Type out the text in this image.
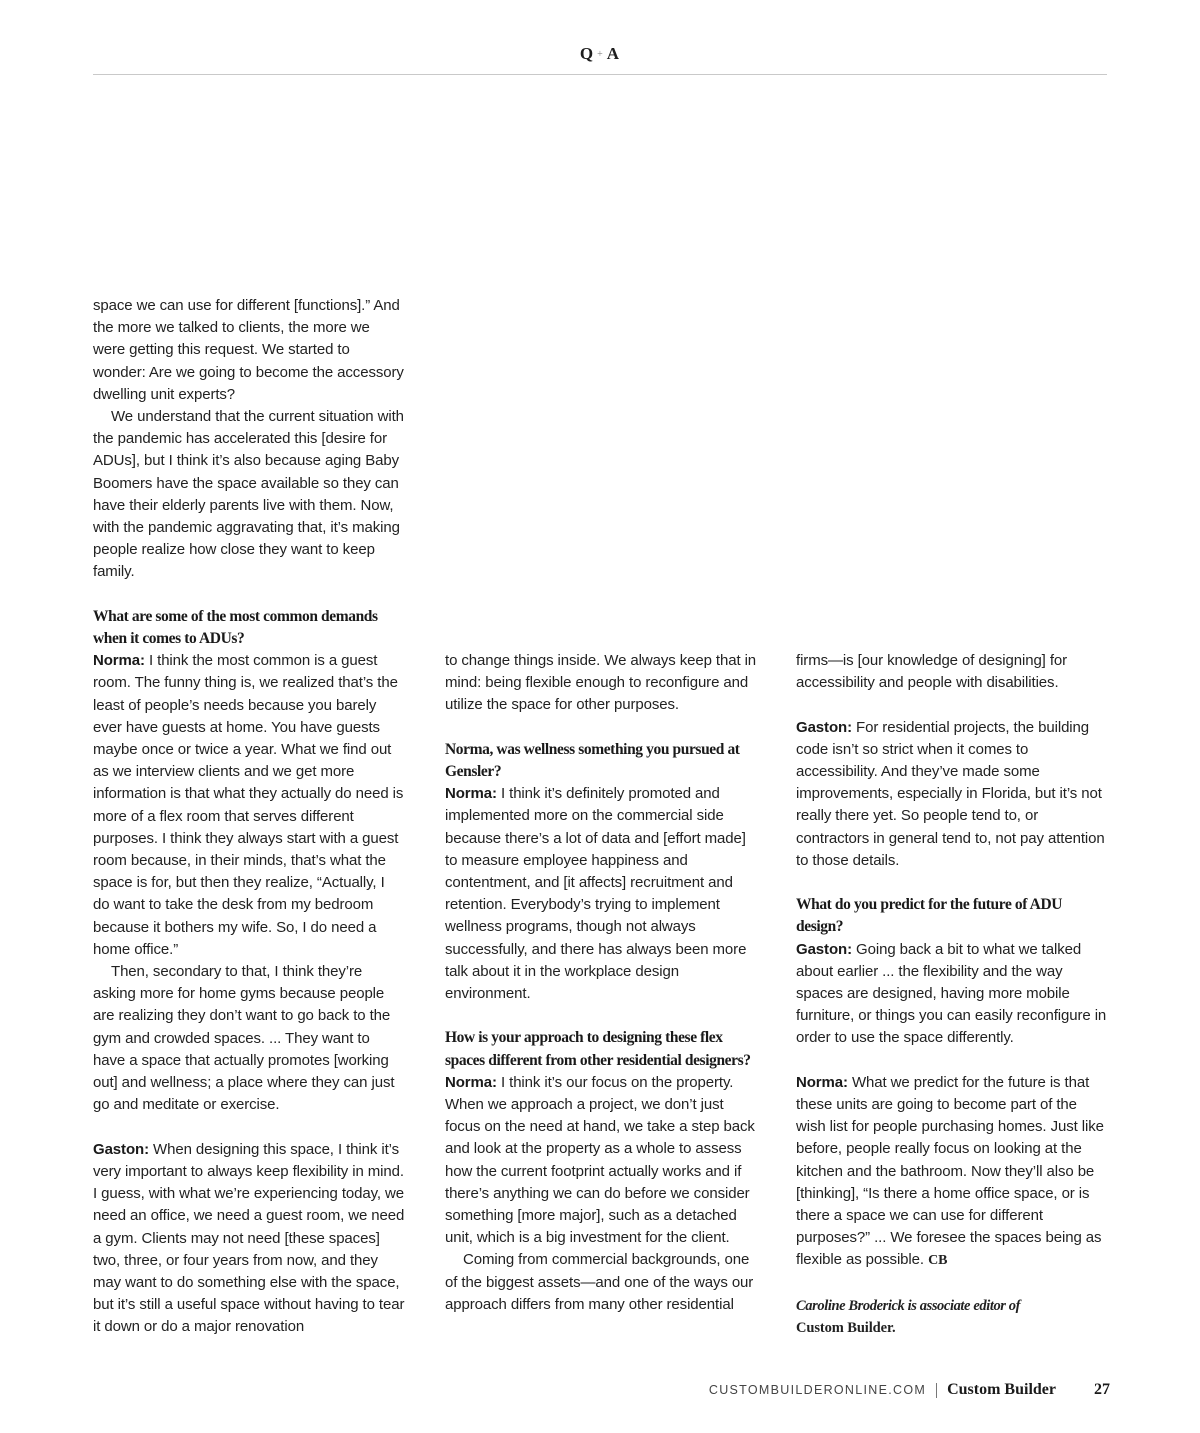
Q + A

space we can use for different [functions].” And the more we talked to clients, the more we were getting this request. We started to wonder: Are we going to become the accessory dwelling unit experts?

We understand that the current situation with the pandemic has accelerated this [desire for ADUs], but I think it’s also because aging Baby Boomers have the space available so they can have their elderly parents live with them. Now, with the pandemic aggravating that, it’s making people realize how close they want to keep family.

What are some of the most common demands when it comes to ADUs?

Norma: I think the most common is a guest room. The funny thing is, we realized that’s the least of people’s needs because you barely ever have guests at home. You have guests maybe once or twice a year. What we find out as we interview clients and we get more information is that what they actually do need is more of a flex room that serves different purposes. I think they always start with a guest room because, in their minds, that’s what the space is for, but then they realize, “Actually, I do want to take the desk from my bedroom because it bothers my wife. So, I do need a home office.”

Then, secondary to that, I think they’re asking more for home gyms because people are realizing they don’t want to go back to the gym and crowded spaces. ... They want to have a space that actually promotes [working out] and wellness; a place where they can just go and meditate or exercise.

Gaston: When designing this space, I think it’s very important to always keep flexibility in mind. I guess, with what we’re experiencing today, we need an office, we need a guest room, we need a gym. Clients may not need [these spaces] two, three, or four years from now, and they may want to do something else with the space, but it’s still a useful space without having to tear it down or do a major renovation

to change things inside. We always keep that in mind: being flexible enough to reconfigure and utilize the space for other purposes.

Norma, was wellness something you pursued at Gensler?

Norma: I think it’s definitely promoted and implemented more on the commercial side because there’s a lot of data and [effort made] to measure employee happiness and contentment, and [it affects] recruitment and retention. Everybody’s trying to implement wellness programs, though not always successfully, and there has always been more talk about it in the workplace design environment.

How is your approach to designing these flex spaces different from other residential designers?

Norma: I think it’s our focus on the property. When we approach a project, we don’t just focus on the need at hand, we take a step back and look at the property as a whole to assess how the current footprint actually works and if there’s anything we can do before we consider something [more major], such as a detached unit, which is a big investment for the client.

Coming from commercial backgrounds, one of the biggest assets—and one of the ways our approach differs from many other residential

firms—is [our knowledge of designing] for accessibility and people with disabilities.

Gaston: For residential projects, the building code isn’t so strict when it comes to accessibility. And they’ve made some improvements, especially in Florida, but it’s not really there yet. So people tend to, or contractors in general tend to, not pay attention to those details.

What do you predict for the future of ADU design?

Gaston: Going back a bit to what we talked about earlier ... the flexibility and the way spaces are designed, having more mobile furniture, or things you can easily reconfigure in order to use the space differently.

Norma: What we predict for the future is that these units are going to become part of the wish list for people purchasing homes. Just like before, people really focus on looking at the kitchen and the bathroom. Now they’ll also be [thinking], “Is there a home office space, or is there a space we can use for different purposes?” ... We foresee the spaces being as flexible as possible. CB

Caroline Broderick is associate editor of

Custom Builder.

CUSTOMBUILDERONLINE.COM Custom Builder 27
